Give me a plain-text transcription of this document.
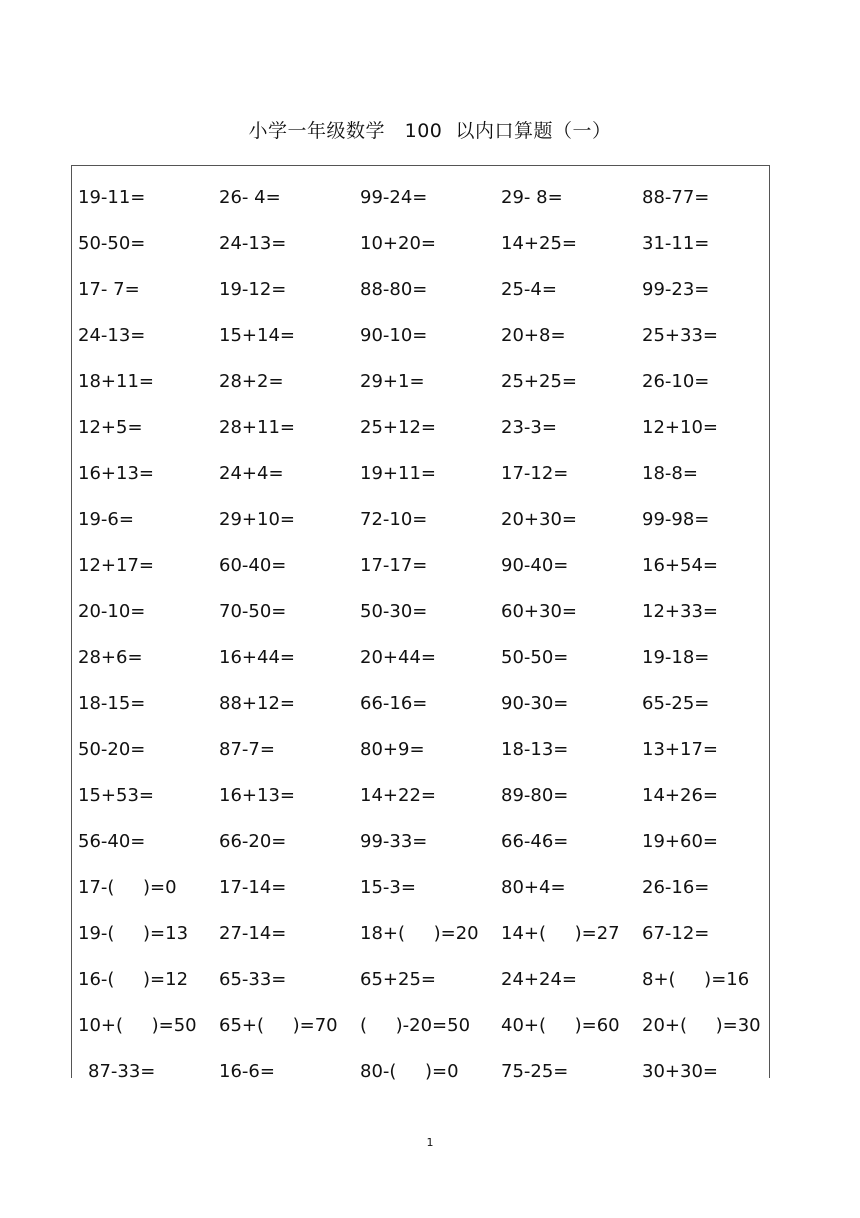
小学一年级数学   100  以内口算题（一）
19-11=	26- 4=	99-24=	29- 8=	88-77=
50-50=	24-13=	10+20=	14+25=	31-11=
17- 7=	19-12=	88-80=	25-4=	99-23=
24-13=	15+14=	90-10=	20+8=	25+33=
18+11=	28+2=	29+1=	25+25=	26-10=
12+5=	28+11=	25+12=	23-3=	12+10=
16+13=	24+4=	19+11=	17-12=	18-8=
19-6=	29+10=	72-10=	20+30=	99-98=
12+17=	60-40=	17-17=	90-40=	16+54=
20-10=	70-50=	50-30=	60+30=	12+33=
28+6=	16+44=	20+44=	50-50=	19-18=
18-15=	88+12=	66-16=	90-30=	65-25=
50-20=	87-7=	80+9=	18-13=	13+17=
15+53=	16+13=	14+22=	89-80=	14+26=
56-40=	66-20=	99-33=	66-46=	19+60=
17-(     )=0	17-14=	15-3=	80+4=	26-16=
19-(     )=13	27-14=	18+(     )=20	14+(     )=27	67-12=
16-(     )=12	65-33=	65+25=	24+24=	8+(     )=16
10+(     )=50	65+(     )=70	(     )-20=50	40+(     )=60	20+(     )=30
87-33=	16-6=	80-(     )=0	75-25=	30+30=
1
